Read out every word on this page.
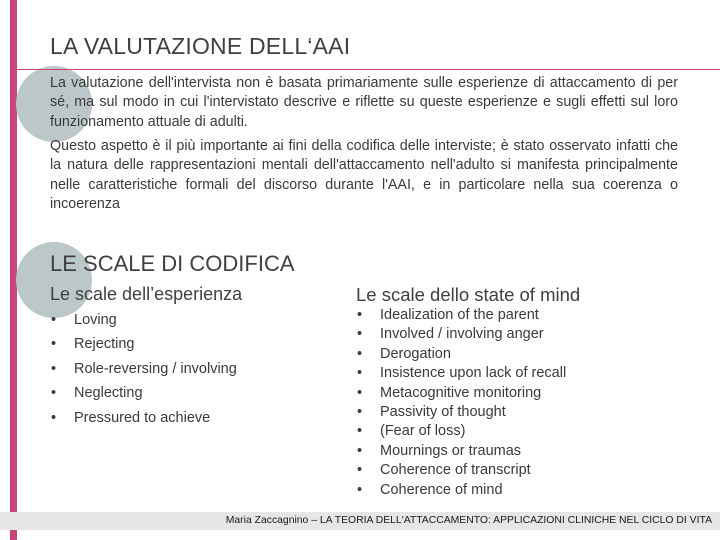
LA VALUTAZIONE DELL‘AAI

La valutazione dell'intervista non è basata primariamente sulle esperienze di attaccamento di per sé, ma sul modo in cui l'intervistato descrive e riflette su queste esperienze e sugli effetti sul loro funzionamento attuale di adulti.

Questo aspetto è il più importante ai fini della codifica delle interviste; è stato osservato infatti che la natura delle rappresentazioni mentali dell'attaccamento nell'adulto si manifesta principalmente nelle caratteristiche formali del discorso durante l'AAI, e in particolare nella sua coerenza o incoerenza

LE SCALE DI CODIFICA
Le scale dell’esperienza
• Loving
• Rejecting
• Role-reversing / involving
• Neglecting
• Pressured to achieve
Le scale dello state of mind
• Idealization of the parent
• Involved / involving anger
• Derogation
• Insistence upon lack of recall
• Metacognitive monitoring
• Passivity of thought
• (Fear of loss)
• Mournings or traumas
• Coherence of transcript
• Coherence of mind

Maria Zaccagnino – LA TEORIA DELL'ATTACCAMENTO: APPLICAZIONI CLINICHE NEL CICLO DI VITA
